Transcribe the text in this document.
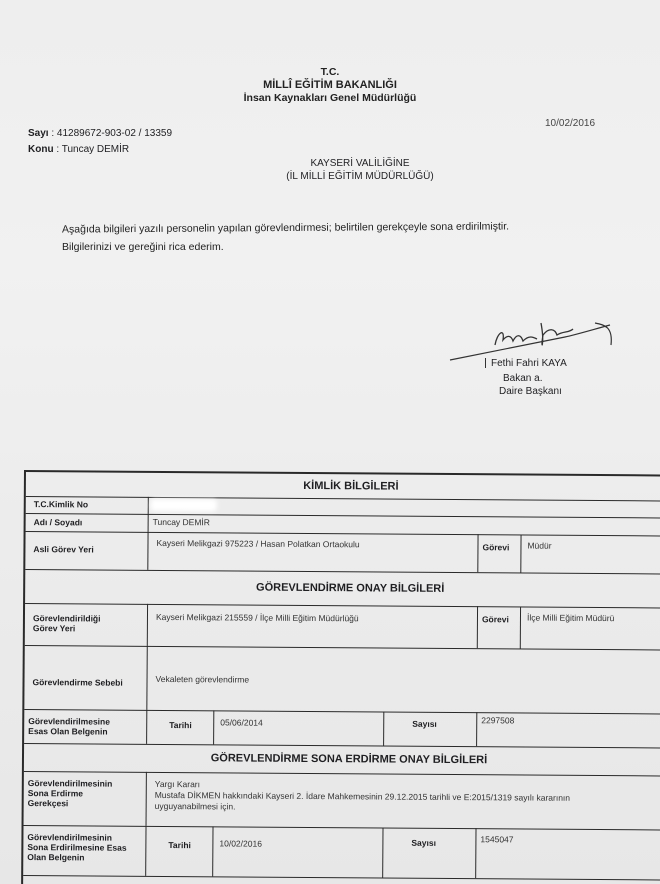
T.C.
MİLLÎ EĞİTİM BAKANLIĞI
İnsan Kaynakları Genel Müdürlüğü
10/02/2016
Sayı : 41289672-903-02 / 13359
Konu : Tuncay DEMİR
KAYSERİ VALİLİĞİNE
(İL MİLLİ EĞİTİM MÜDÜRLÜĞÜ)
Aşağıda bilgileri yazılı personelin yapılan görevlendirmesi; belirtilen gerekçeyle sona erdirilmiştir.
Bilgilerinizi ve gereğini rica ederim.
Fethi Fahri KAYA
Bakan a.
Daire Başkanı
KİMLİK BİLGİLERİ
T.C.Kimlik No
Adı / Soyadı	Tuncay DEMİR
Asli Görev Yeri	Kayseri Melikgazi 975223 / Hasan Polatkan Ortaokulu	Görevi	Müdür
GÖREVLENDİRME ONAY BİLGİLERİ
Görevlendirildiği
Görev Yeri
Kayseri Melikgazi 215559 / İlçe Milli Eğitim Müdürlüğü	Görevi	İlçe Milli Eğitim Müdürü
Görevlendirme Sebebi	Vekaleten görevlendirme
Görevlendirilmesine
Esas Olan Belgenin
Tarihi	05/06/2014	Sayısı	2297508
GÖREVLENDİRME SONA ERDİRME ONAY BİLGİLERİ
Görevlendirilmesinin
Sona Erdirme
Gerekçesi
Yargı Kararı
Mustafa DİKMEN hakkındaki Kayseri 2. İdare Mahkemesinin 29.12.2015 tarihli ve E:2015/1319 sayılı kararının
uyguyanabilmesi için.
Görevlendirilmesinin
Sona Erdirilmesine Esas
Olan Belgenin
Tarihi	10/02/2016	Sayısı	1545047
